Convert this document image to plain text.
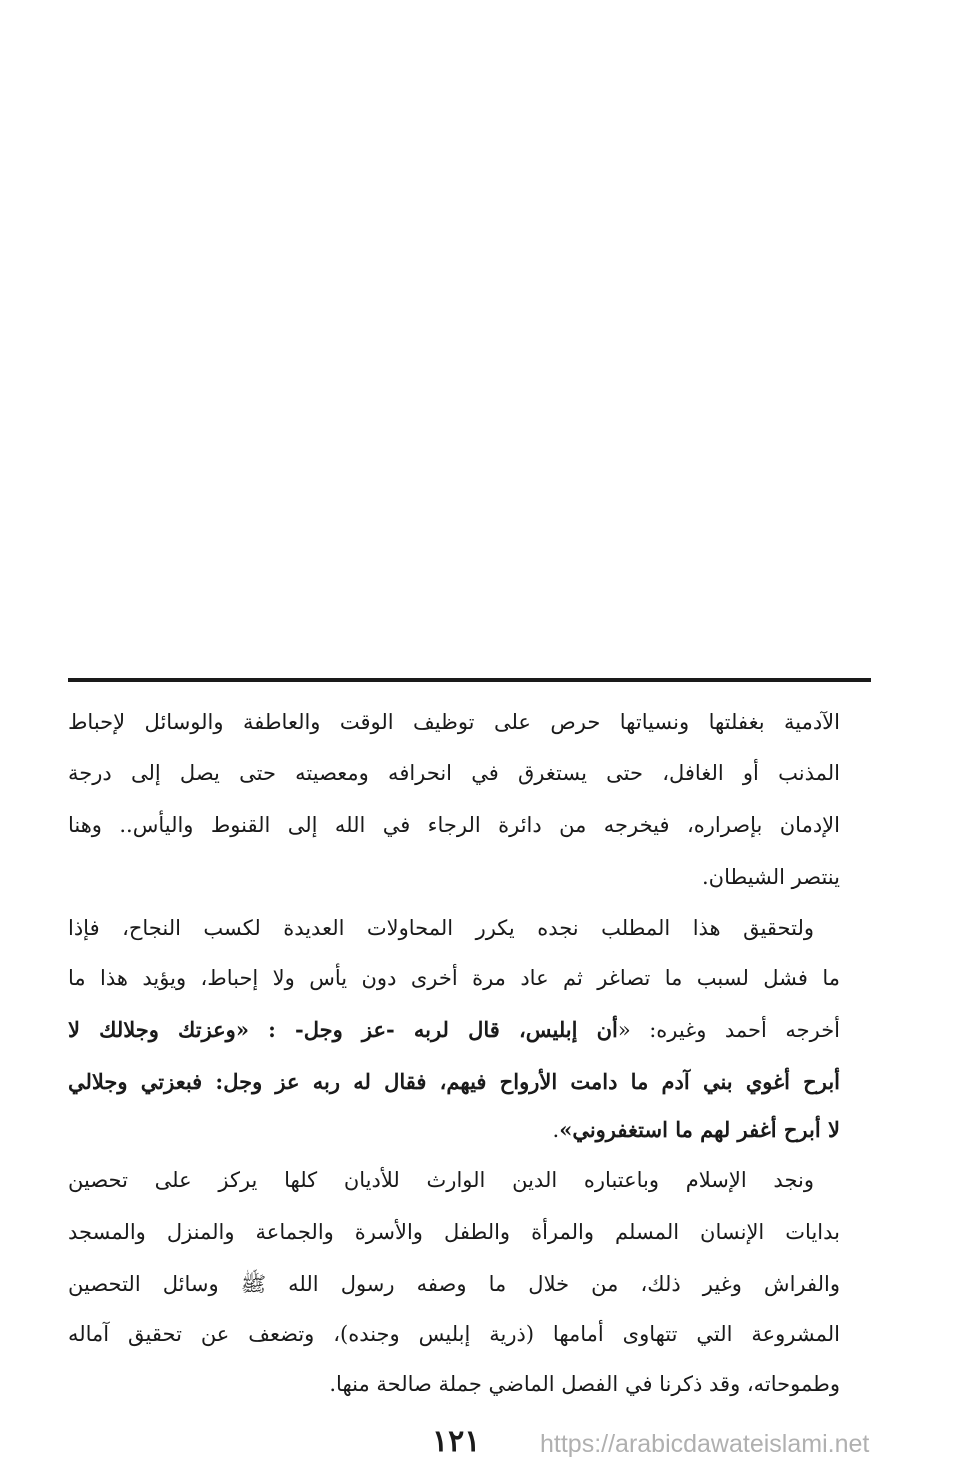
الآدمية بغفلتها ونسياتها حرص على توظيف الوقت والعاطفة والوسائل لإحباط
المذنب أو الغافل، حتى يستغرق في انحرافه ومعصيته حتى يصل إلى درجة
الإدمان بإصراره، فيخرجه من دائرة الرجاء في الله إلى القنوط واليأس.. وهنا
ينتصر الشيطان.
ولتحقيق هذا المطلب نجده يكرر المحاولات العديدة لكسب النجاح، فإذا
ما فشل لسبب ما تصاغر ثم عاد مرة أخرى دون يأس ولا إحباط، ويؤيد هذا ما
أخرجه أحمد وغيره: «أن إبليس، قال لربه -عز وجل- : «وعزتك وجلالك لا
أبرح أغوي بني آدم ما دامت الأرواح فيهم، فقال له ربه عز وجل: فبعزتي وجلالي
لا أبرح أغفر لهم ما استغفروني».
ونجد الإسلام وباعتباره الدين الوارث للأديان كلها يركز على تحصين
بدايات الإنسان المسلم والمرأة والطفل والأسرة والجماعة والمنزل والمسجد
والفراش وغير ذلك، من خلال ما وصفه رسول الله ﷺ وسائل التحصين
المشروعة التي تتهاوى أمامها (ذرية إبليس وجنده)، وتضعف عن تحقيق آماله
وطموحاته، وقد ذكرنا في الفصل الماضي جملة صالحة منها.
١٢١ https://arabicdawateislami.net
